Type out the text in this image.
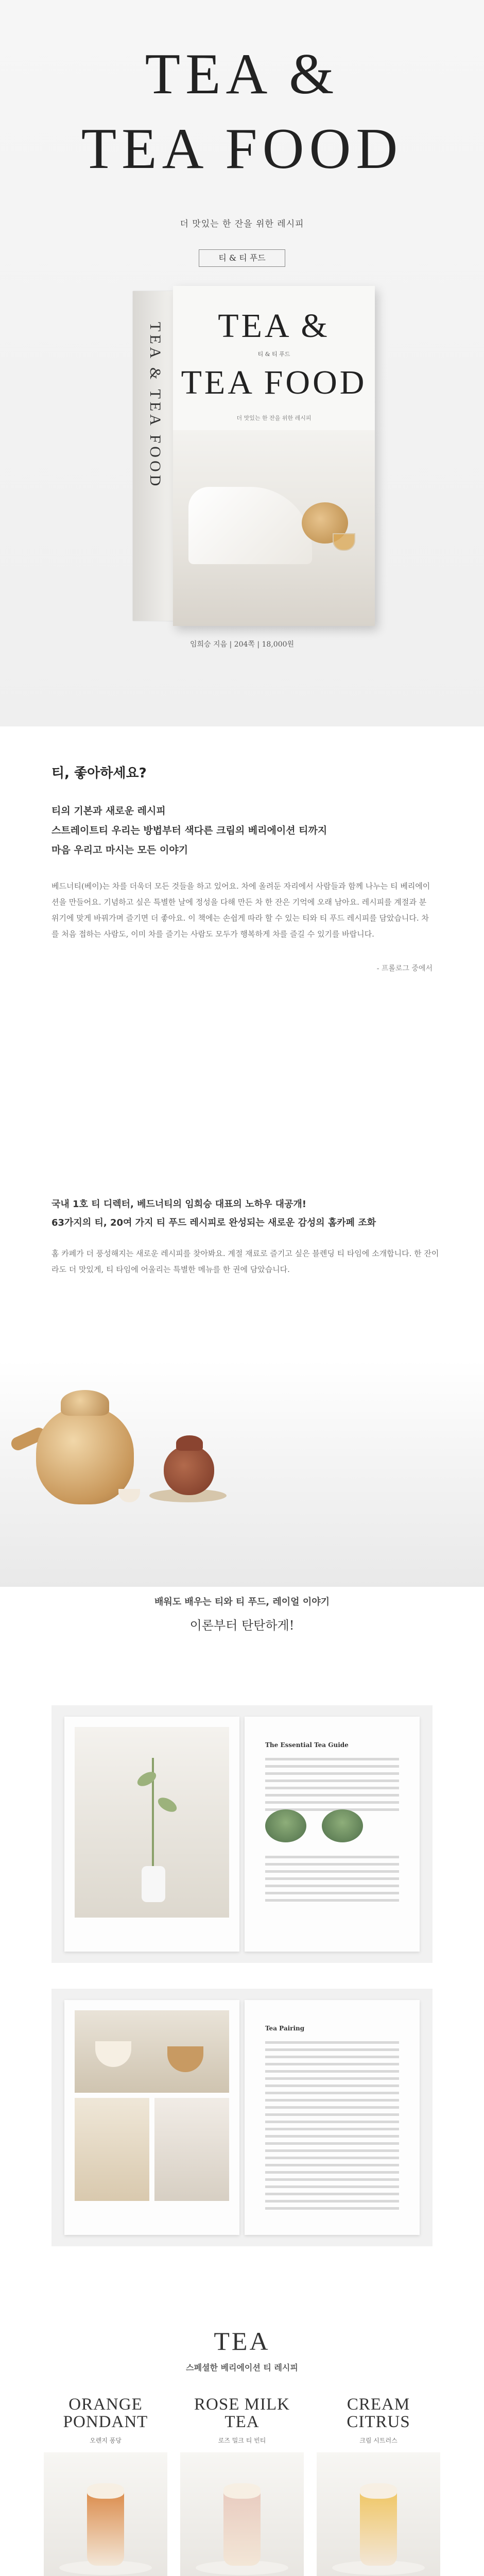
TEA &
TEA FOOD
더 맛있는 한 잔을 위한 레시피
티 & 티 푸드
TEA & TEA FOOD	TEA &
티 & 티 푸드
TEA FOOD
더 맛있는 한 잔을 위한 레시피
임희승 지음 | 204쪽 | 18,000원
티, 좋아하세요?

티의 기본과 새로운 레시피
스트레이트티 우리는 방법부터 색다른 크림의 베리에이션 티까지
마음 우리고 마시는 모든 이야기

베드너티(베이)는 차를 더욱더 모든 것들을 하고 있어요. 차에 올려둔 자리에서 사람들과 함께 나누는 티 베리에이션을 만들어요. 기념하고 싶은 특별한 날에 정성을 다해 만든 차 한 잔은 기억에 오래 남아요. 레시피를 계절과 분위기에 맞게 바꿔가며 즐기면 더 좋아요. 이 책에는 손쉽게 따라 할 수 있는 티와 티 푸드 레시피를 담았습니다. 차를 처음 접하는 사람도, 이미 차를 즐기는 사람도 모두가 행복하게 차를 즐길 수 있기를 바랍니다.

- 프롤로그 중에서

국내 1호 티 디렉터, 베드너티의 임희승 대표의 노하우 대공개!
63가지의 티, 20여 가지 티 푸드 레시피로 완성되는 새로운 감성의 홈카페 조화

홈 카페가 더 풍성해지는 새로운 레시피를 찾아봐요. 계절 재료로 즐기고 싶은 블렌딩 티 타임에 소개합니다. 한 잔이라도 더 맛있게, 티 타임에 어울리는 특별한 메뉴를 한 권에 담았습니다.

배워도 배우는 티와 티 푸드, 레이얼 이야기
이론부터 탄탄하게!
The Essential Tea Guide
Tea Pairing
TEA
스페셜한 베리에이션 티 레시피
ORANGE PONDANT
오렌지 퐁당
ROSE MILK TEA
로즈 밀크 티 빈티
CREAM CITRUS
크림 시트러스
